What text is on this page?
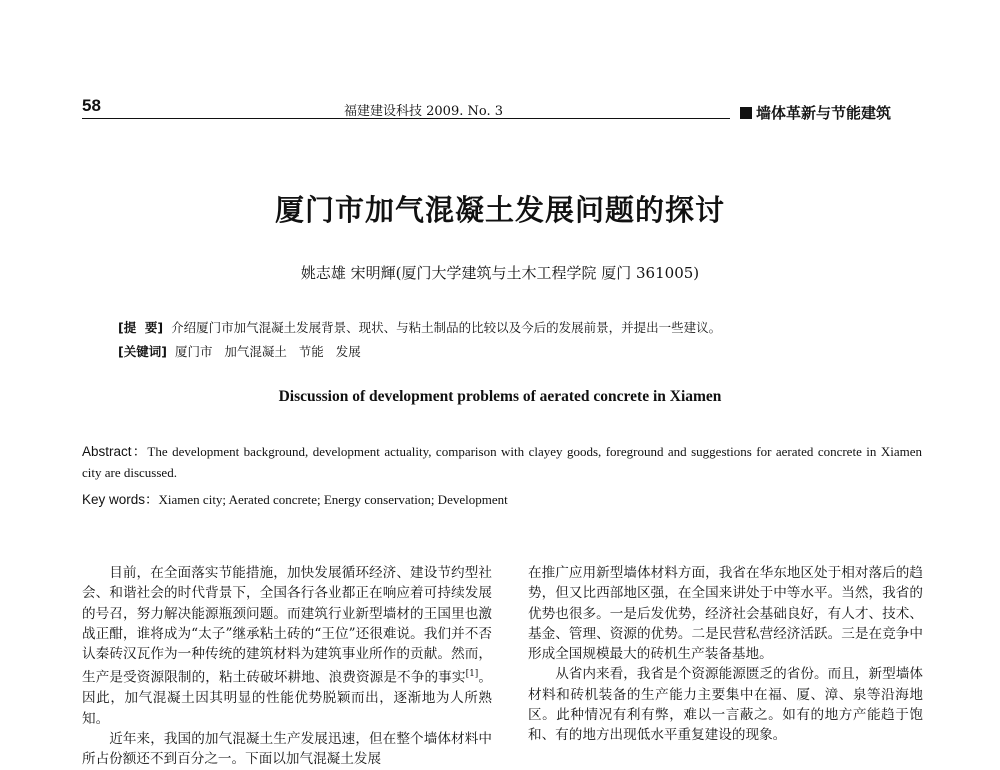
58	福建建设科技 2009. No. 3	墙体革新与节能建筑
厦门市加气混凝土发展问题的探讨
姚志雄 宋明輝(厦门大学建筑与土木工程学院 厦门 361005)
[提  要] 介绍厦门市加气混凝土发展背景、现状、与粘土制品的比较以及今后的发展前景，并提出一些建议。
[关键词] 厦门市   加气混凝土   节能   发展
Discussion of development problems of aerated concrete in Xiamen
Abstract：The development background, development actuality, comparison with clayey goods, foreground and suggestions for aerated concrete in Xiamen city are discussed.
Key words：Xiamen city; Aerated concrete; Energy conservation; Development

目前，在全面落实节能措施，加快发展循环经济、建设节约型社会、和谐社会的时代背景下，全国各行各业都正在响应着可持续发展的号召，努力解决能源瓶颈问题。而建筑行业新型墙材的王国里也激战正酣，谁将成为“太子”继承粘土砖的“王位”还很难说。我们并不否认秦砖汉瓦作为一种传统的建筑材料为建筑事业所作的贡献。然而，生产是受资源限制的，粘土砖破坏耕地、浪费资源是不争的事实[1]。因此，加气混凝土因其明显的性能优势脱颖而出，逐渐地为人所熟知。

近年来，我国的加气混凝土生产发展迅速，但在整个墙体材料中所占份额还不到百分之一。下面以加气混凝土发展

在推广应用新型墙体材料方面，我省在华东地区处于相对落后的趋势，但又比西部地区强，在全国来讲处于中等水平。当然，我省的优势也很多。一是后发优势，经济社会基础良好，有人才、技术、基金、管理、资源的优势。二是民营私营经济活跃。三是在竞争中形成全国规模最大的砖机生产装备基地。

从省内来看，我省是个资源能源匮乏的省份。而且，新型墙体材料和砖机装备的生产能力主要集中在福、厦、漳、泉等沿海地区。此种情况有利有弊，难以一言蔽之。如有的地方产能趋于饱和、有的地方出现低水平重复建设的现象。
